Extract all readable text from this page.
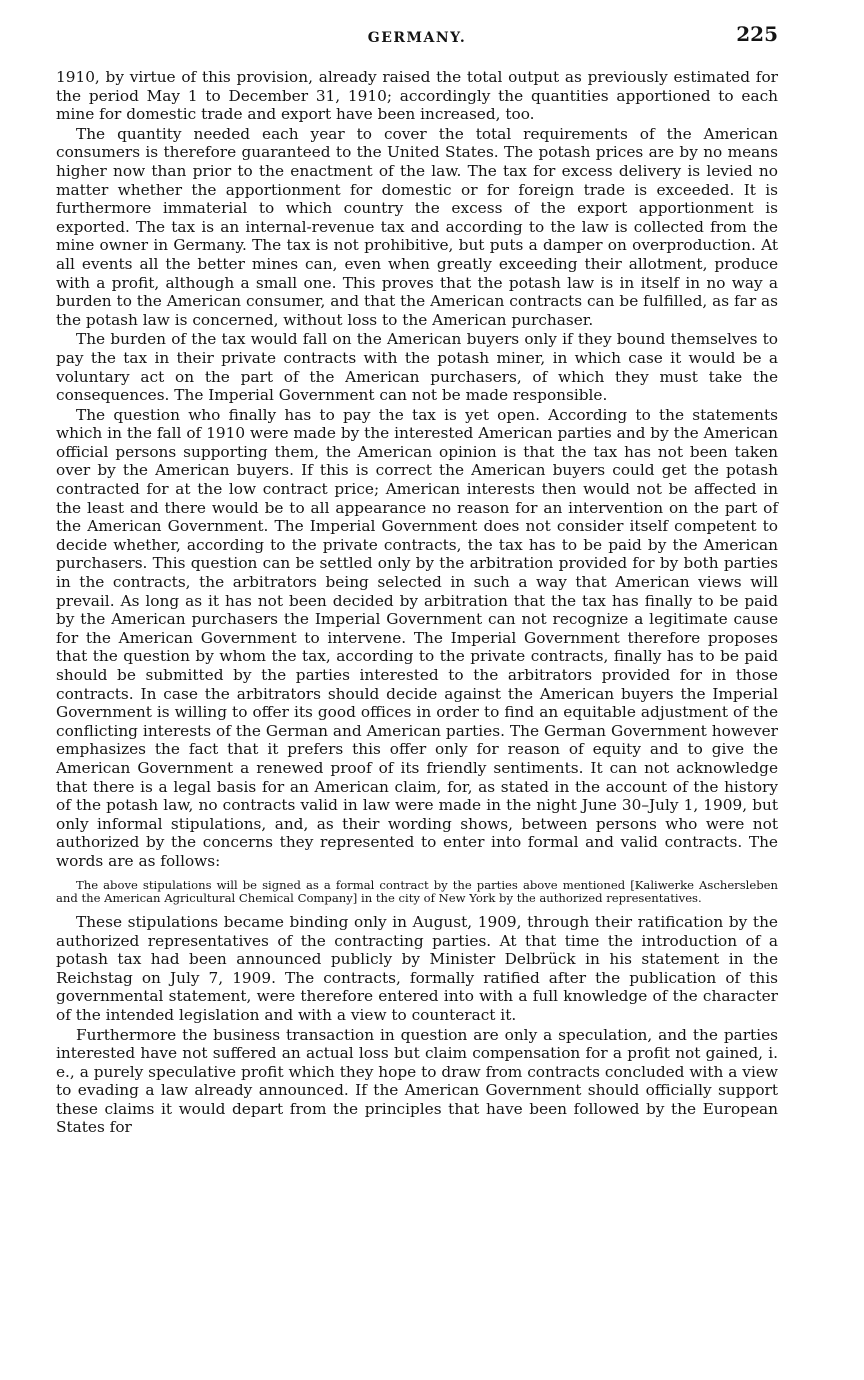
GERMANY.	225

1910, by virtue of this provision, already raised the total output as previously estimated for the period May 1 to December 31, 1910; accordingly the quantities apportioned to each mine for domestic trade and export have been increased, too.

The quantity needed each year to cover the total requirements of the American consumers is therefore guaranteed to the United States. The potash prices are by no means higher now than prior to the enactment of the law. The tax for excess delivery is levied no matter whether the apportionment for domestic or for foreign trade is exceeded. It is furthermore immaterial to which country the excess of the export apportionment is exported. The tax is an internal-revenue tax and according to the law is collected from the mine owner in Germany. The tax is not prohibitive, but puts a damper on overproduction. At all events all the better mines can, even when greatly exceeding their allotment, produce with a profit, although a small one. This proves that the potash law is in itself in no way a burden to the American consumer, and that the American contracts can be fulfilled, as far as the potash law is concerned, without loss to the American purchaser.

The burden of the tax would fall on the American buyers only if they bound themselves to pay the tax in their private contracts with the potash miner, in which case it would be a voluntary act on the part of the American purchasers, of which they must take the consequences. The Imperial Government can not be made responsible.

The question who finally has to pay the tax is yet open. According to the statements which in the fall of 1910 were made by the interested American parties and by the American official persons supporting them, the American opinion is that the tax has not been taken over by the American buyers. If this is correct the American buyers could get the potash contracted for at the low contract price; American interests then would not be affected in the least and there would be to all appearance no reason for an intervention on the part of the American Government. The Imperial Government does not consider itself competent to decide whether, according to the private contracts, the tax has to be paid by the American purchasers. This question can be settled only by the arbitration provided for by both parties in the contracts, the arbitrators being selected in such a way that American views will prevail. As long as it has not been decided by arbitration that the tax has finally to be paid by the American purchasers the Imperial Government can not recognize a legitimate cause for the American Government to intervene. The Imperial Government therefore proposes that the question by whom the tax, according to the private contracts, finally has to be paid should be submitted by the parties interested to the arbitrators provided for in those contracts. In case the arbitrators should decide against the American buyers the Imperial Government is willing to offer its good offices in order to find an equitable adjustment of the conflicting interests of the German and American parties. The German Government however emphasizes the fact that it prefers this offer only for reason of equity and to give the American Government a renewed proof of its friendly sentiments. It can not acknowledge that there is a legal basis for an American claim, for, as stated in the account of the history of the potash law, no contracts valid in law were made in the night June 30–July 1, 1909, but only informal stipulations, and, as their wording shows, between persons who were not authorized by the concerns they represented to enter into formal and valid contracts. The words are as follows:

The above stipulations will be signed as a formal contract by the parties above mentioned [Kaliwerke Aschersleben and the American Agricultural Chemical Company] in the city of New York by the authorized representatives.

These stipulations became binding only in August, 1909, through their ratification by the authorized representatives of the contracting parties. At that time the introduction of a potash tax had been announced publicly by Minister Delbrück in his statement in the Reichstag on July 7, 1909. The contracts, formally ratified after the publication of this governmental statement, were therefore entered into with a full knowledge of the character of the intended legislation and with a view to counteract it.

Furthermore the business transaction in question are only a speculation, and the parties interested have not suffered an actual loss but claim compensation for a profit not gained, i. e., a purely speculative profit which they hope to draw from contracts concluded with a view to evading a law already announced. If the American Government should officially support these claims it would depart from the principles that have been followed by the European States for
